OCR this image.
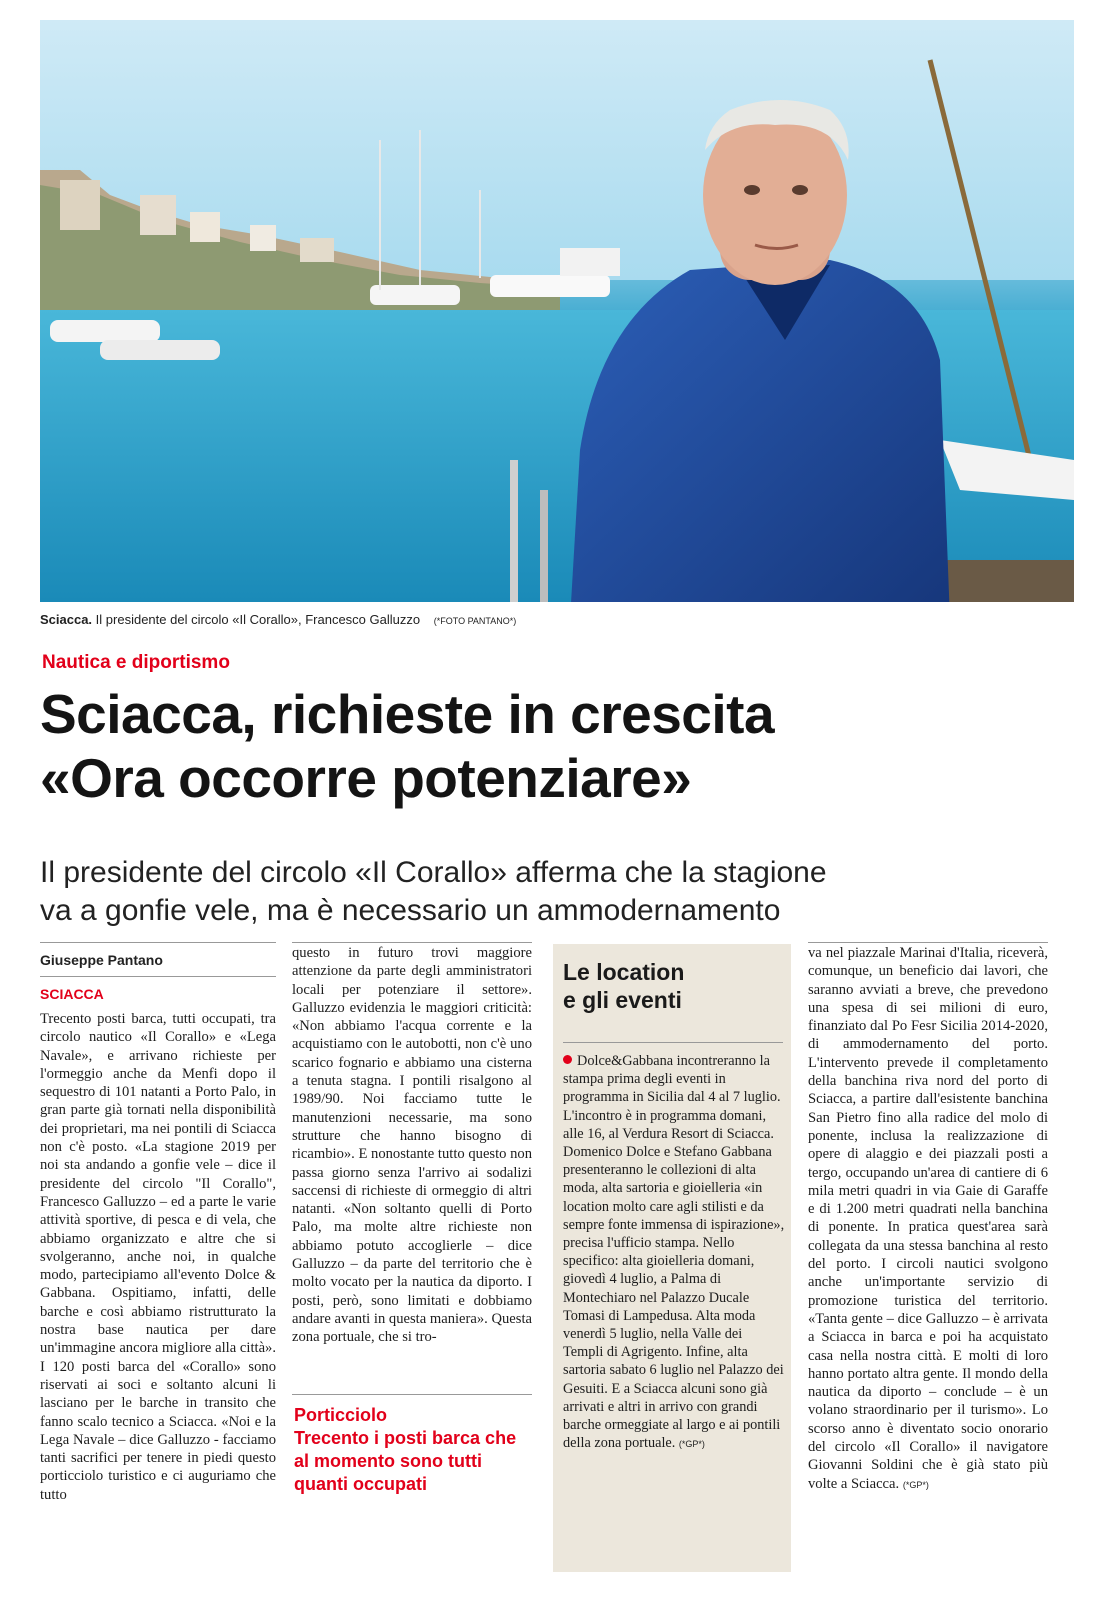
Sciacca. Il presidente del circolo «Il Corallo», Francesco Galluzzo (*FOTO PANTANO*)
Nautica e diportismo
Sciacca, richieste in crescita
«Ora occorre potenziare»
Il presidente del circolo «Il Corallo» afferma che la stagione
va a gonfie vele, ma è necessario un ammodernamento
Giuseppe Pantano
SCIACCA

Trecento posti barca, tutti occupati, tra circolo nautico «Il Corallo» e «Lega Navale», e arrivano richieste per l'ormeggio anche da Menfi dopo il sequestro di 101 natanti a Porto Palo, in gran parte già tornati nella disponibilità dei proprietari, ma nei pontili di Sciacca non c'è posto. «La stagione 2019 per noi sta andando a gonfie vele – dice il presidente del circolo "Il Corallo", Francesco Galluzzo – ed a parte le varie attività sportive, di pesca e di vela, che abbiamo organizzato e altre che si svolgeranno, anche noi, in qualche modo, partecipiamo all'evento Dolce & Gabbana. Ospitiamo, infatti, delle barche e così abbiamo ristrutturato la nostra base nautica per dare un'immagine ancora migliore alla città». I 120 posti barca del «Corallo» sono riservati ai soci e soltanto alcuni li lasciano per le barche in transito che fanno scalo tecnico a Sciacca. «Noi e la Lega Navale – dice Galluzzo - facciamo tanti sacrifici per tenere in piedi questo porticciolo turistico e ci auguriamo che tutto

questo in futuro trovi maggiore attenzione da parte degli amministratori locali per potenziare il settore». Galluzzo evidenzia le maggiori criticità: «Non abbiamo l'acqua corrente e la acquistiamo con le autobotti, non c'è uno scarico fognario e abbiamo una cisterna a tenuta stagna. I pontili risalgono al 1989/90. Noi facciamo tutte le manutenzioni necessarie, ma sono strutture che hanno bisogno di ricambio». E nonostante tutto questo non passa giorno senza l'arrivo ai sodalizi saccensi di richieste di ormeggio di altri natanti. «Non soltanto quelli di Porto Palo, ma molte altre richieste non abbiamo potuto accoglierle – dice Galluzzo – da parte del territorio che è molto vocato per la nautica da diporto. I posti, però, sono limitati e dobbiamo andare avanti in questa maniera». Questa zona portuale, che si tro-

Porticciolo
Trecento i posti barca che al momento sono tutti quanti occupati
Le location
e gli eventi
Dolce&Gabbana incontreranno la stampa prima degli eventi in programma in Sicilia dal 4 al 7 luglio. L'incontro è in programma domani, alle 16, al Verdura Resort di Sciacca. Domenico Dolce e Stefano Gabbana presenteranno le collezioni di alta moda, alta sartoria e gioielleria «in location molto care agli stilisti e da sempre fonte immensa di ispirazione», precisa l'ufficio stampa. Nello specifico: alta gioielleria domani, giovedì 4 luglio, a Palma di Montechiaro nel Palazzo Ducale Tomasi di Lampedusa. Alta moda venerdì 5 luglio, nella Valle dei Templi di Agrigento. Infine, alta sartoria sabato 6 luglio nel Palazzo dei Gesuiti. E a Sciacca alcuni sono già arrivati e altri in arrivo con grandi barche ormeggiate al largo e ai pontili della zona portuale. (*GP*)

va nel piazzale Marinai d'Italia, riceverà, comunque, un beneficio dai lavori, che saranno avviati a breve, che prevedono una spesa di sei milioni di euro, finanziato dal Po Fesr Sicilia 2014-2020, di ammodernamento del porto. L'intervento prevede il completamento della banchina riva nord del porto di Sciacca, a partire dall'esistente banchina San Pietro fino alla radice del molo di ponente, inclusa la realizzazione di opere di alaggio e dei piazzali posti a tergo, occupando un'area di cantiere di 6 mila metri quadri in via Gaie di Garaffe e di 1.200 metri quadrati nella banchina di ponente. In pratica quest'area sarà collegata da una stessa banchina al resto del porto. I circoli nautici svolgono anche un'importante servizio di promozione turistica del territorio. «Tanta gente – dice Galluzzo – è arrivata a Sciacca in barca e poi ha acquistato casa nella nostra città. E molti di loro hanno portato altra gente. Il mondo della nautica da diporto – conclude – è un volano straordinario per il turismo». Lo scorso anno è diventato socio onorario del circolo «Il Corallo» il navigatore Giovanni Soldini che è già stato più volte a Sciacca. (*GP*)
